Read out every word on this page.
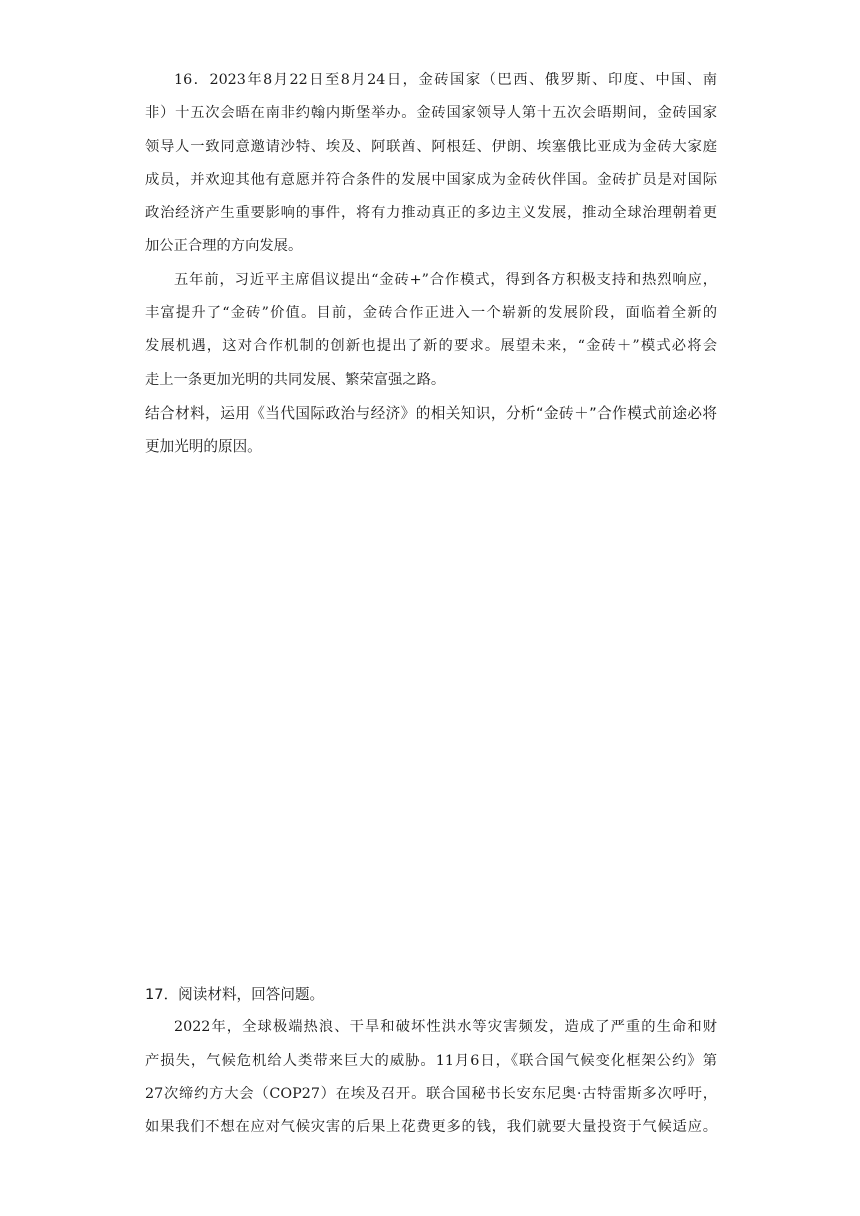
16．2023年8月22日至8月24日，金砖国家（巴西、俄罗斯、印度、中国、南
非）十五次会晤在南非约翰内斯堡举办。金砖国家领导人第十五次会晤期间，金砖国家
领导人一致同意邀请沙特、埃及、阿联酋、阿根廷、伊朗、埃塞俄比亚成为金砖大家庭
成员，并欢迎其他有意愿并符合条件的发展中国家成为金砖伙伴国。金砖扩员是对国际
政治经济产生重要影响的事件，将有力推动真正的多边主义发展，推动全球治理朝着更
加公正合理的方向发展。
五年前，习近平主席倡议提出“金砖+”合作模式，得到各方积极支持和热烈响应，
丰富提升了“金砖”价值。目前，金砖合作正进入一个崭新的发展阶段，面临着全新的
发展机遇，这对合作机制的创新也提出了新的要求。展望未来，“金砖＋”模式必将会
走上一条更加光明的共同发展、繁荣富强之路。
结合材料，运用《当代国际政治与经济》的相关知识，分析“金砖＋”合作模式前途必将
更加光明的原因。
17．阅读材料，回答问题。
2022年，全球极端热浪、干旱和破坏性洪水等灾害频发，造成了严重的生命和财
产损失，气候危机给人类带来巨大的威胁。11月6日，《联合国气候变化框架公约》第
27次缔约方大会（COP27）在埃及召开。联合国秘书长安东尼奥·古特雷斯多次呼吁，
如果我们不想在应对气候灾害的后果上花费更多的钱，我们就要大量投资于气候适应。
